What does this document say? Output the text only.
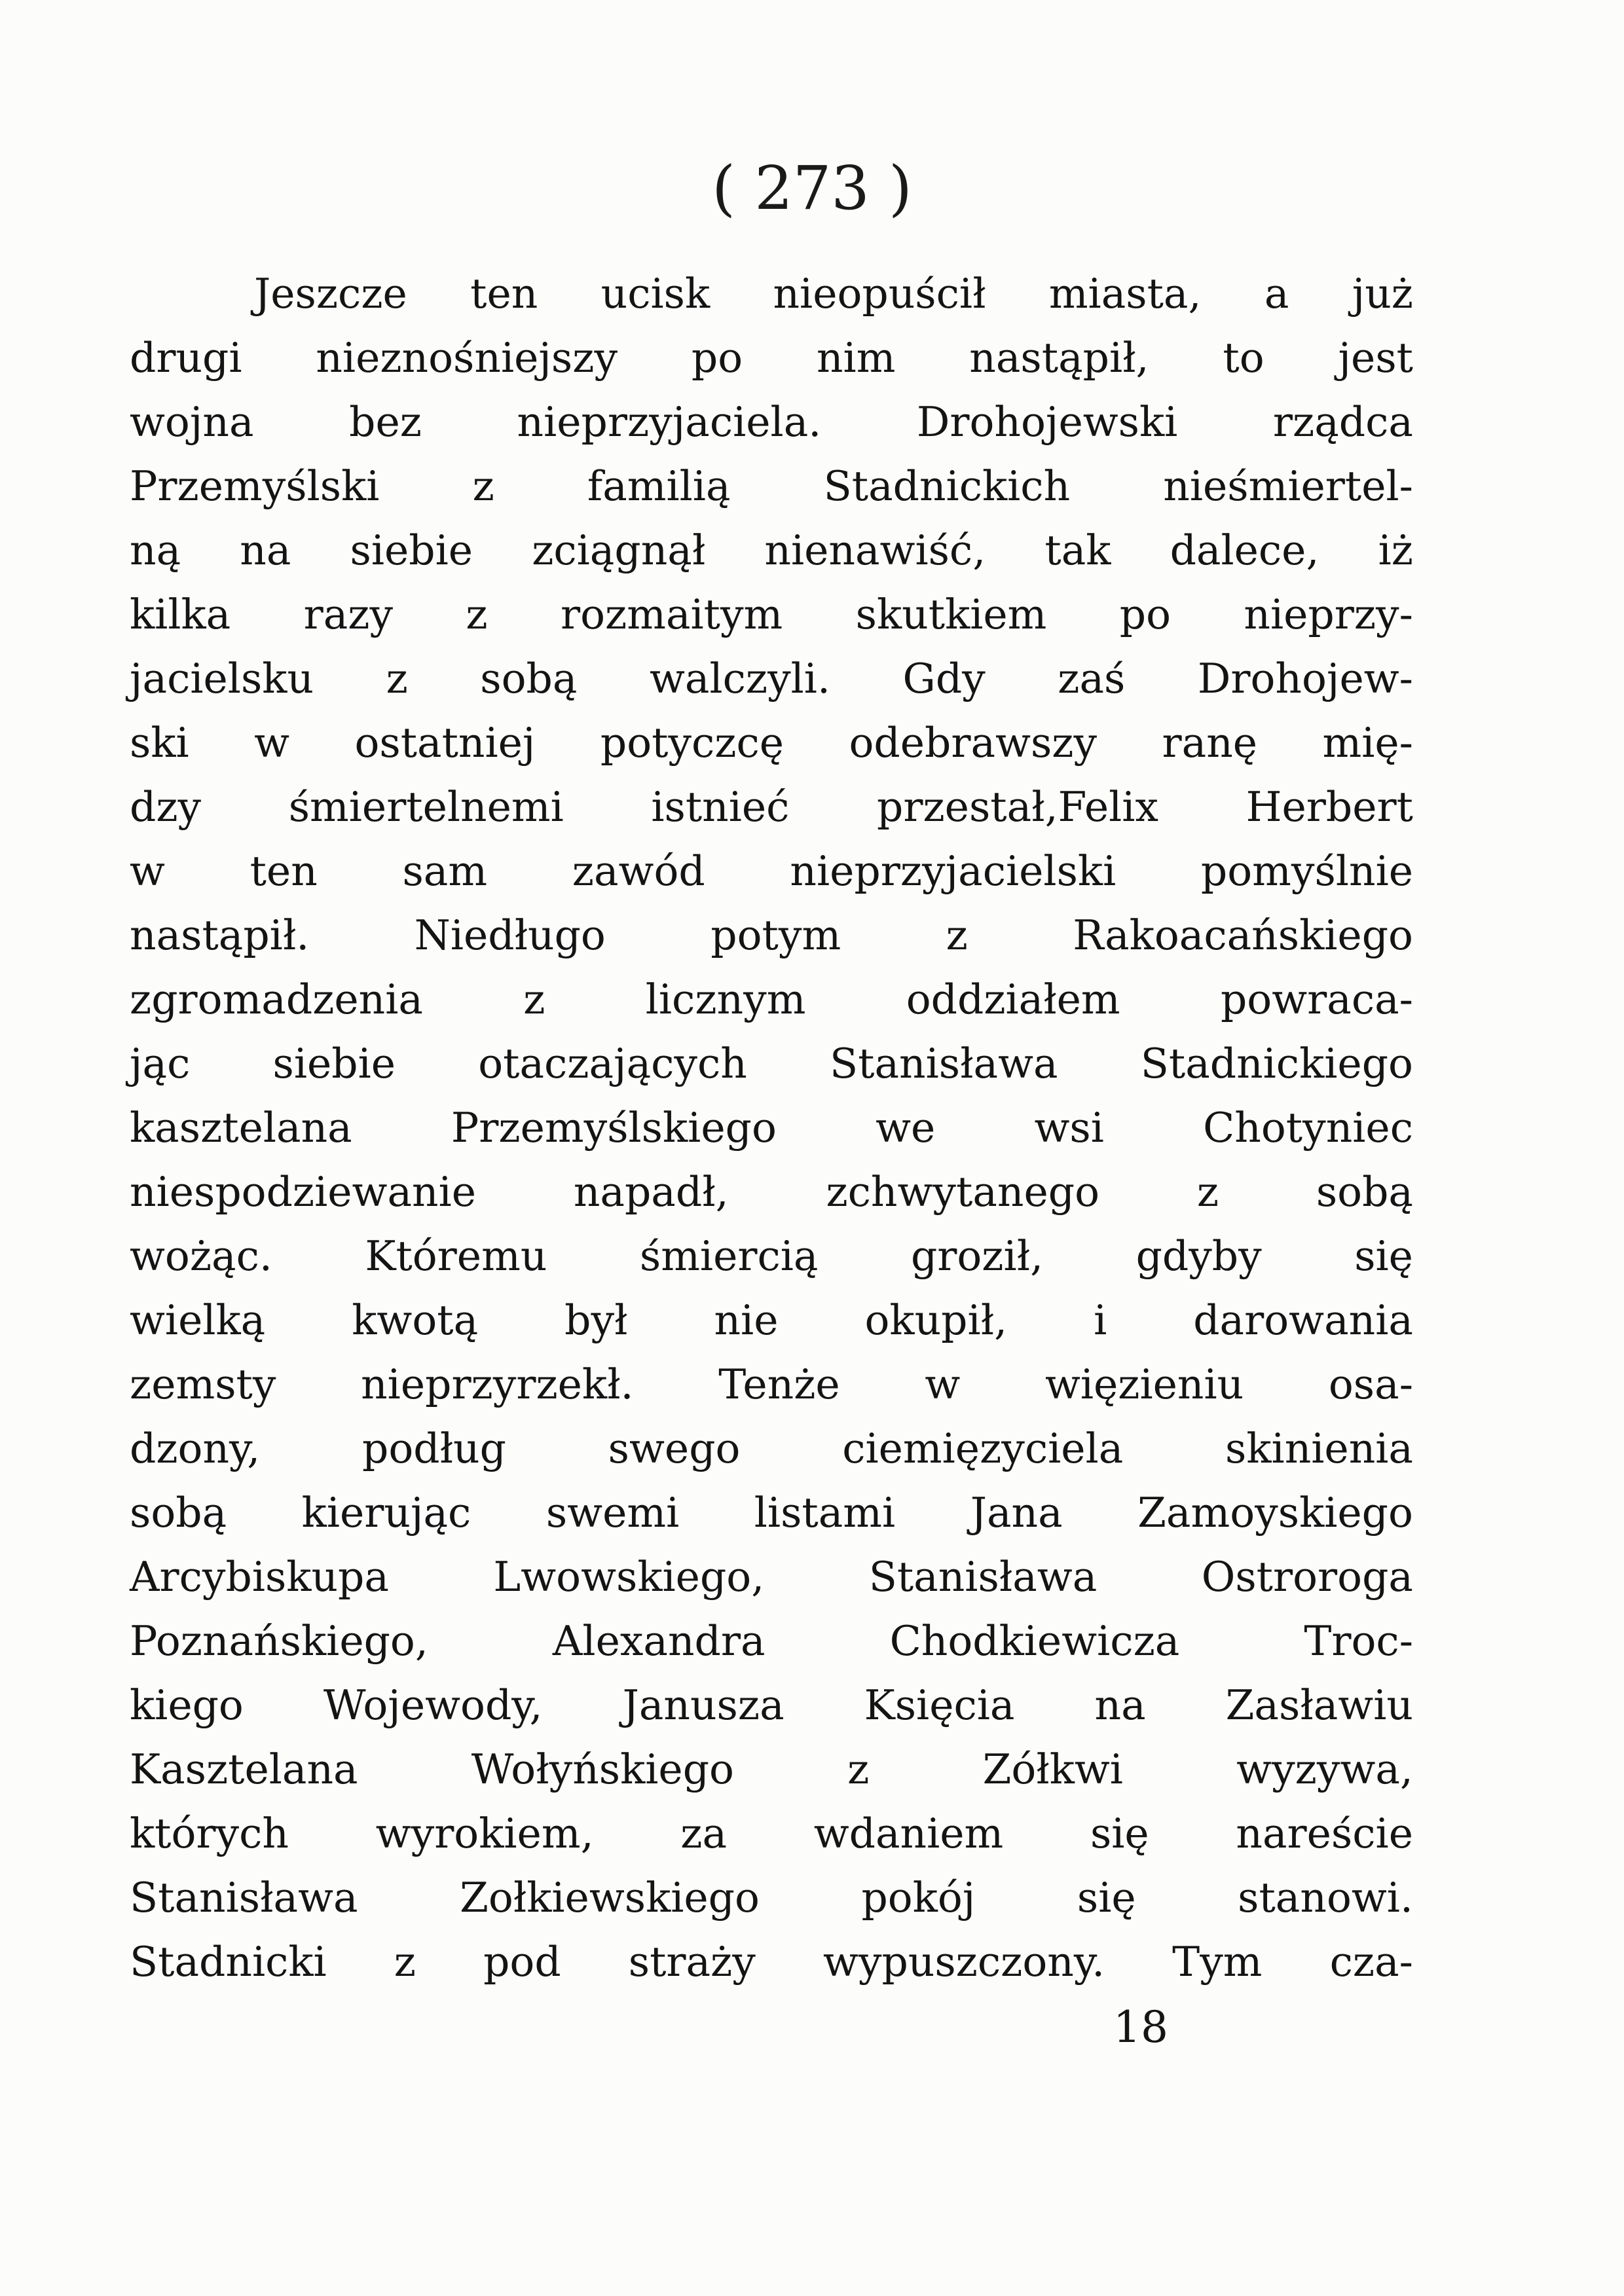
( 273 )
Jeszcze ten ucisk nieopuścił miasta, a już
drugi nieznośniejszy po nim nastąpił, to jest
wojna bez nieprzyjaciela. Drohojewski rządca
Przemyślski z familią Stadnickich nieśmiertel-
ną na siebie zciągnął nienawiść, tak dalece, iż
kilka razy z rozmaitym skutkiem po nieprzy-
jacielsku z sobą walczyli. Gdy zaś Drohojew-
ski w ostatniej potyczcę odebrawszy ranę mię-
dzy śmiertelnemi istnieć przestał,Felix Herbert
w ten sam zawód nieprzyjacielski pomyślnie
nastąpił.	Niedługo	potym	z	Rakoacańskiego
zgromadzenia z licznym oddziałem powraca-
jąc siebie otaczających Stanisława Stadnickiego
kasztelana Przemyślskiego we wsi Chotyniec
niespodziewanie napadł, zchwytanego z sobą
wożąc. Któremu śmiercią groził, gdyby się
wielką kwotą był nie okupił, i darowania
zemsty nieprzyrzekł. Tenże w więzieniu osa-
dzony, podług swego ciemięzyciela skinienia
sobą kierując swemi listami Jana Zamoyskiego
Arcybiskupa	Lwowskiego,	Stanisława	Ostroroga
Poznańskiego,	Alexandra	Chodkiewicza	Troc-
kiego Wojewody, Janusza Księcia na Zasławiu
Kasztelana	Wołyńskiego	z	Zółkwi	wyzywa,
których wyrokiem, za wdaniem się nareście
Stanisława Zołkiewskiego pokój się stanowi.
Stadnicki z pod straży wypuszczony. Tym cza-
18
